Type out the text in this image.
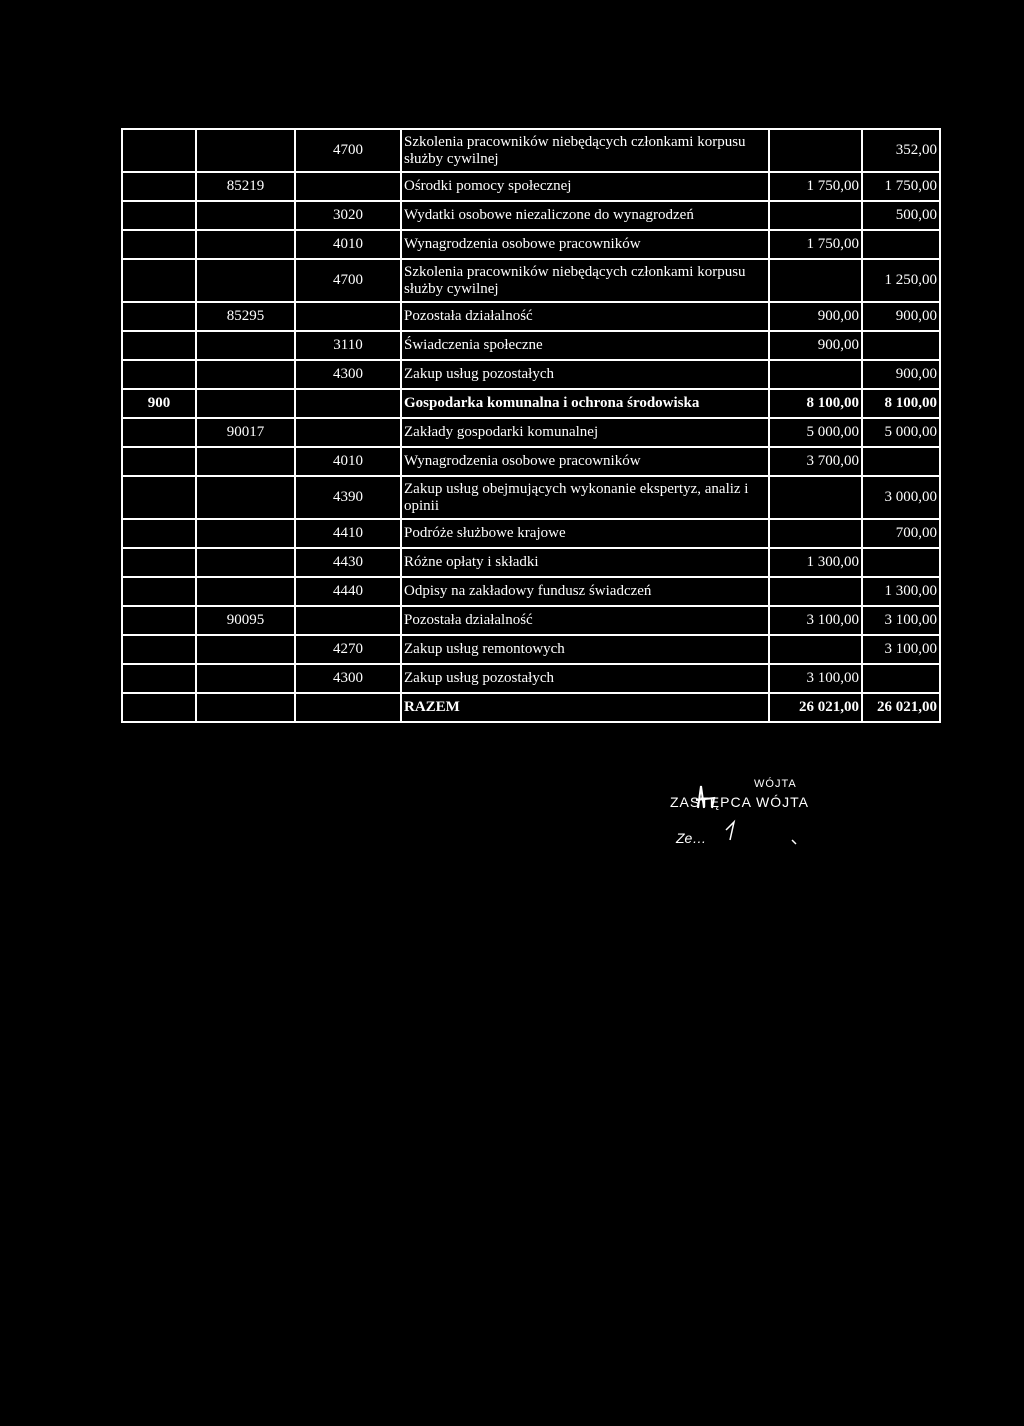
		4700	Szkolenia pracowników niebędących członkami korpusu służby cywilnej		352,00
	85219		Ośrodki pomocy społecznej	1 750,00	1 750,00
		3020	Wydatki osobowe niezaliczone do wynagrodzeń		500,00
		4010	Wynagrodzenia osobowe pracowników	1 750,00	
		4700	Szkolenia pracowników niebędących członkami korpusu służby cywilnej		1 250,00
	85295		Pozostała działalność	900,00	900,00
		3110	Świadczenia społeczne	900,00	
		4300	Zakup usług pozostałych		900,00
900			Gospodarka komunalna i ochrona środowiska	8 100,00	8 100,00
	90017		Zakłady gospodarki komunalnej	5 000,00	5 000,00
		4010	Wynagrodzenia osobowe pracowników	3 700,00	
		4390	Zakup usług obejmujących wykonanie ekspertyz, analiz i opinii		3 000,00
		4410	Podróże służbowe krajowe		700,00
		4430	Różne opłaty i składki	1 300,00	
		4440	Odpisy na zakładowy fundusz świadczeń		1 300,00
	90095		Pozostała działalność	3 100,00	3 100,00
		4270	Zakup usług remontowych		3 100,00
		4300	Zakup usług pozostałych	3 100,00	
			RAZEM	26 021,00	26 021,00
WÓJTA
ZASTĘPCA WÓJTA
Ze…
